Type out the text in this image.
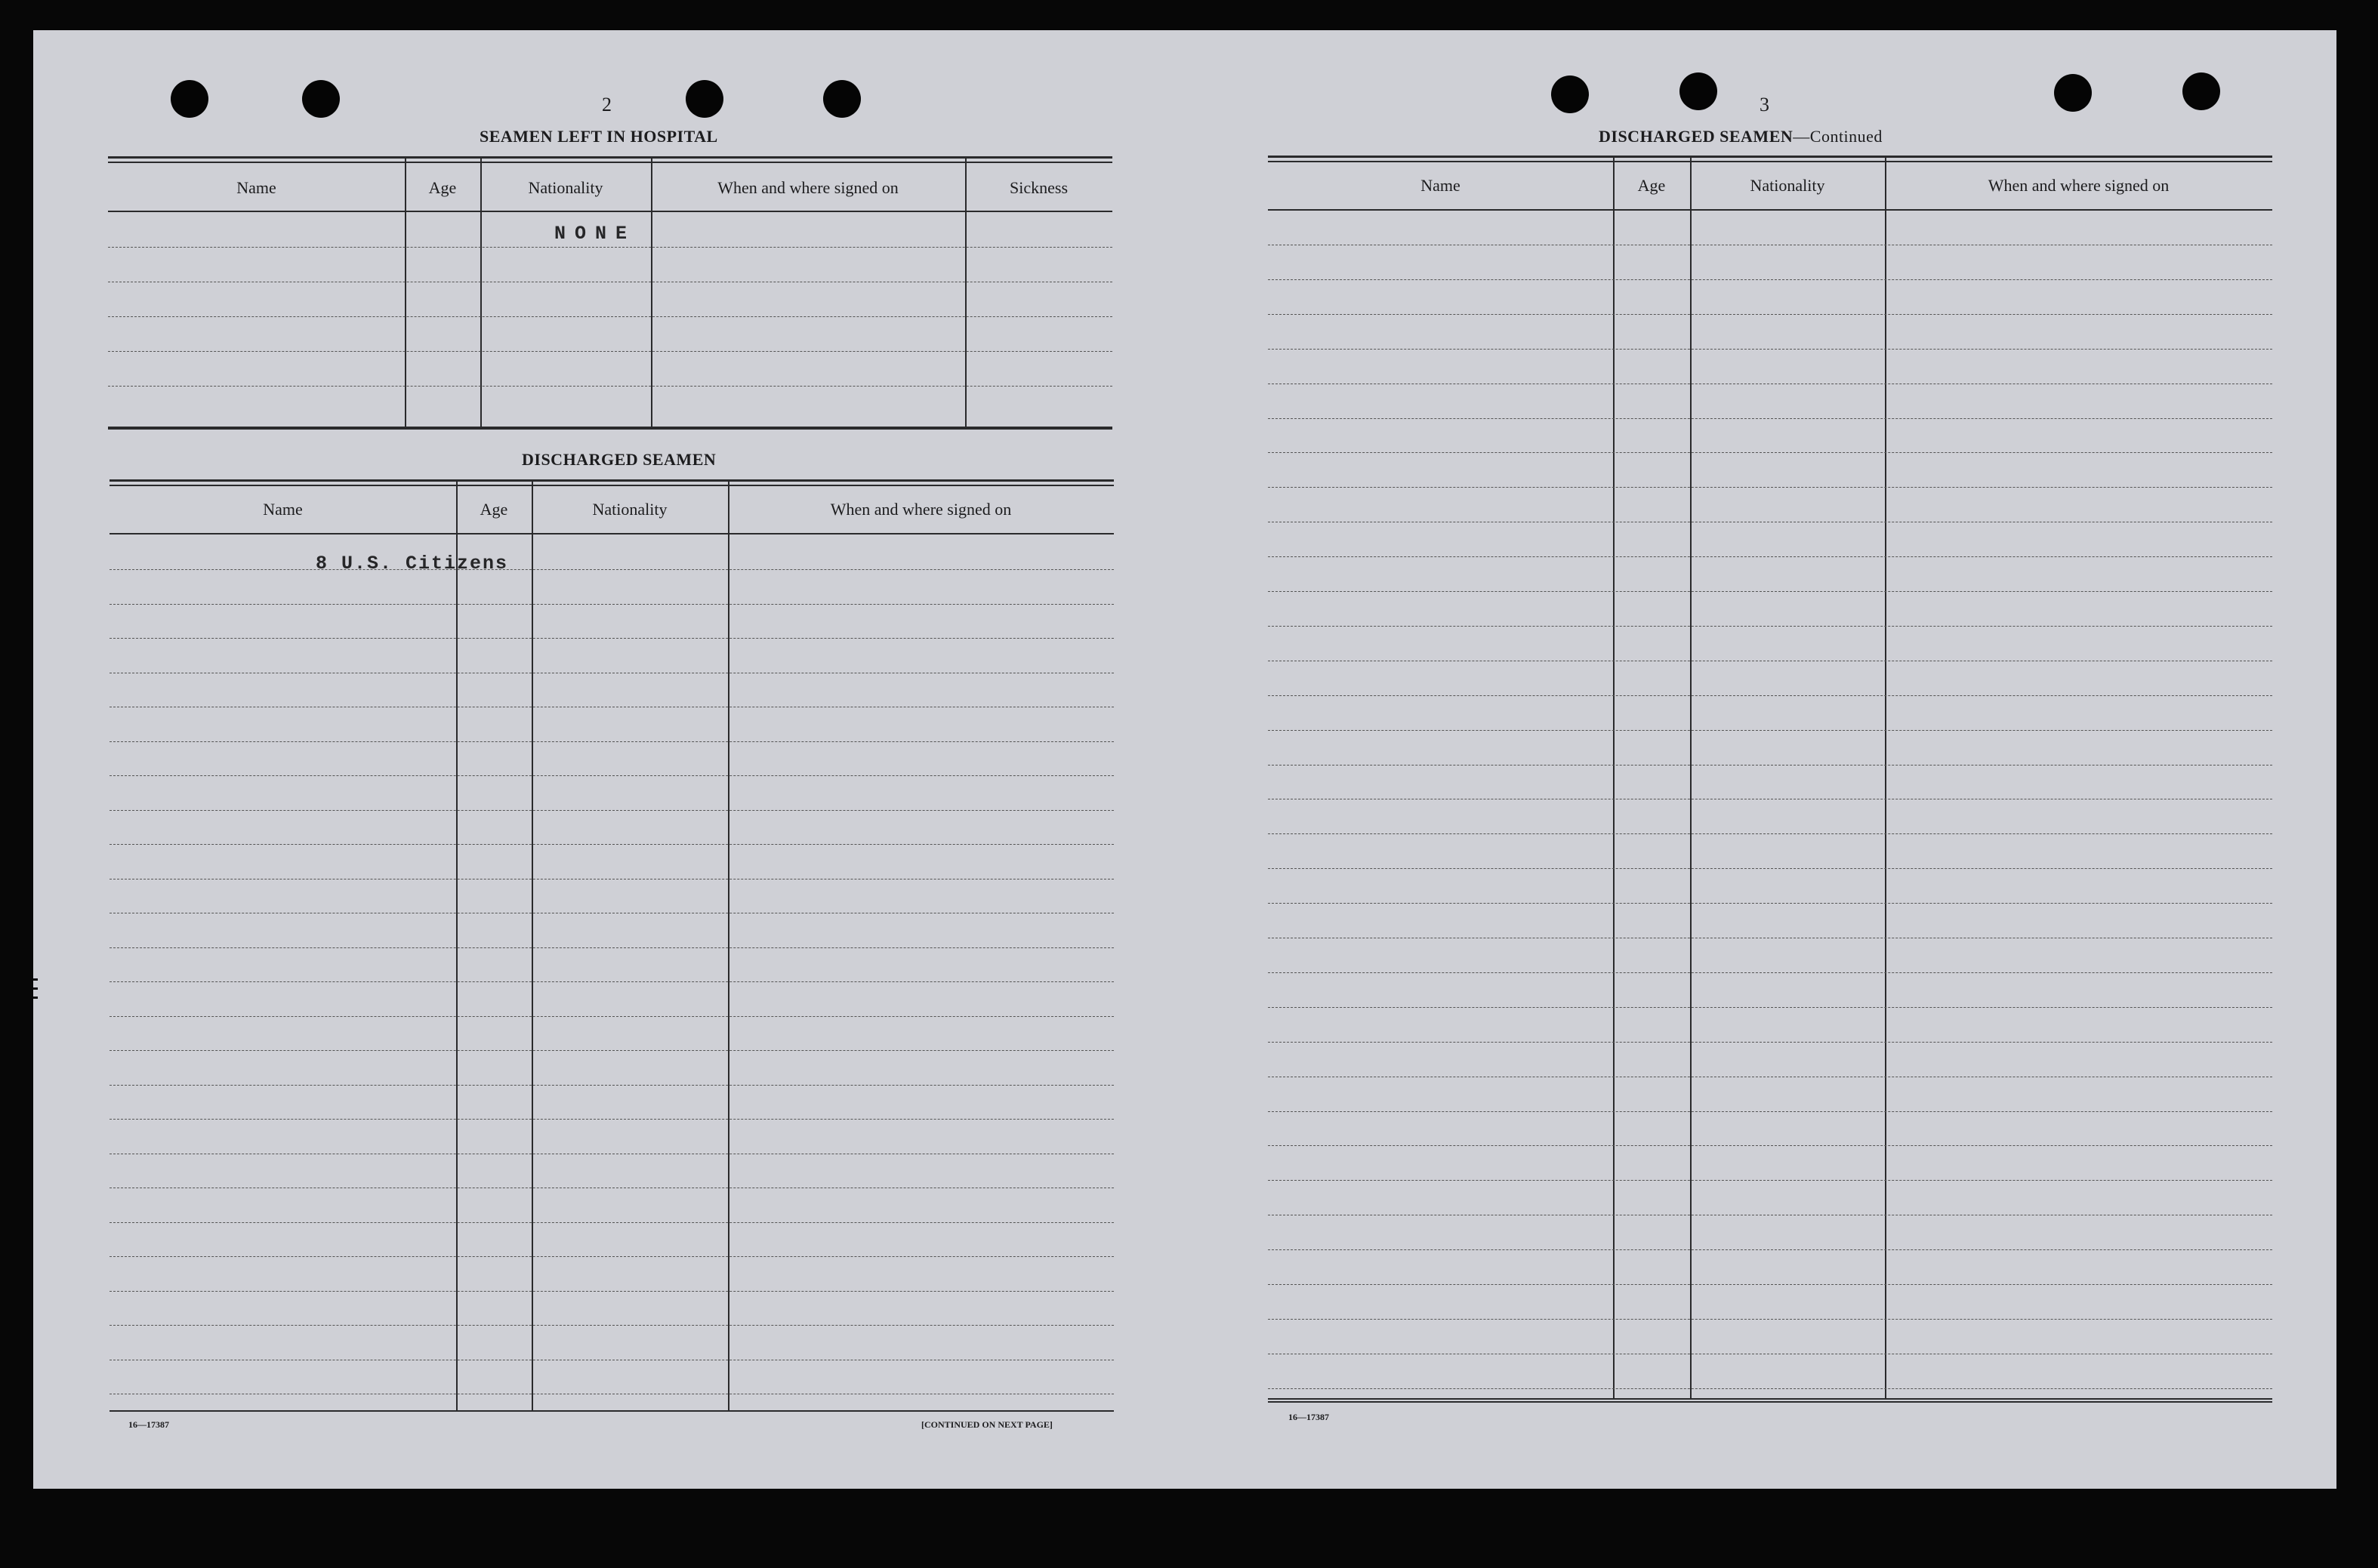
2
SEAMEN LEFT IN HOSPITAL
Name	Age	Nationality	When and where signed on	Sickness
NONE
DISCHARGED SEAMEN
Name	Age	Nationality	When and where signed on
8 U.S. Citizens
16—17387	[CONTINUED ON NEXT PAGE]
3
DISCHARGED SEAMEN—Continued
Name	Age	Nationality	When and where signed on
16—17387
